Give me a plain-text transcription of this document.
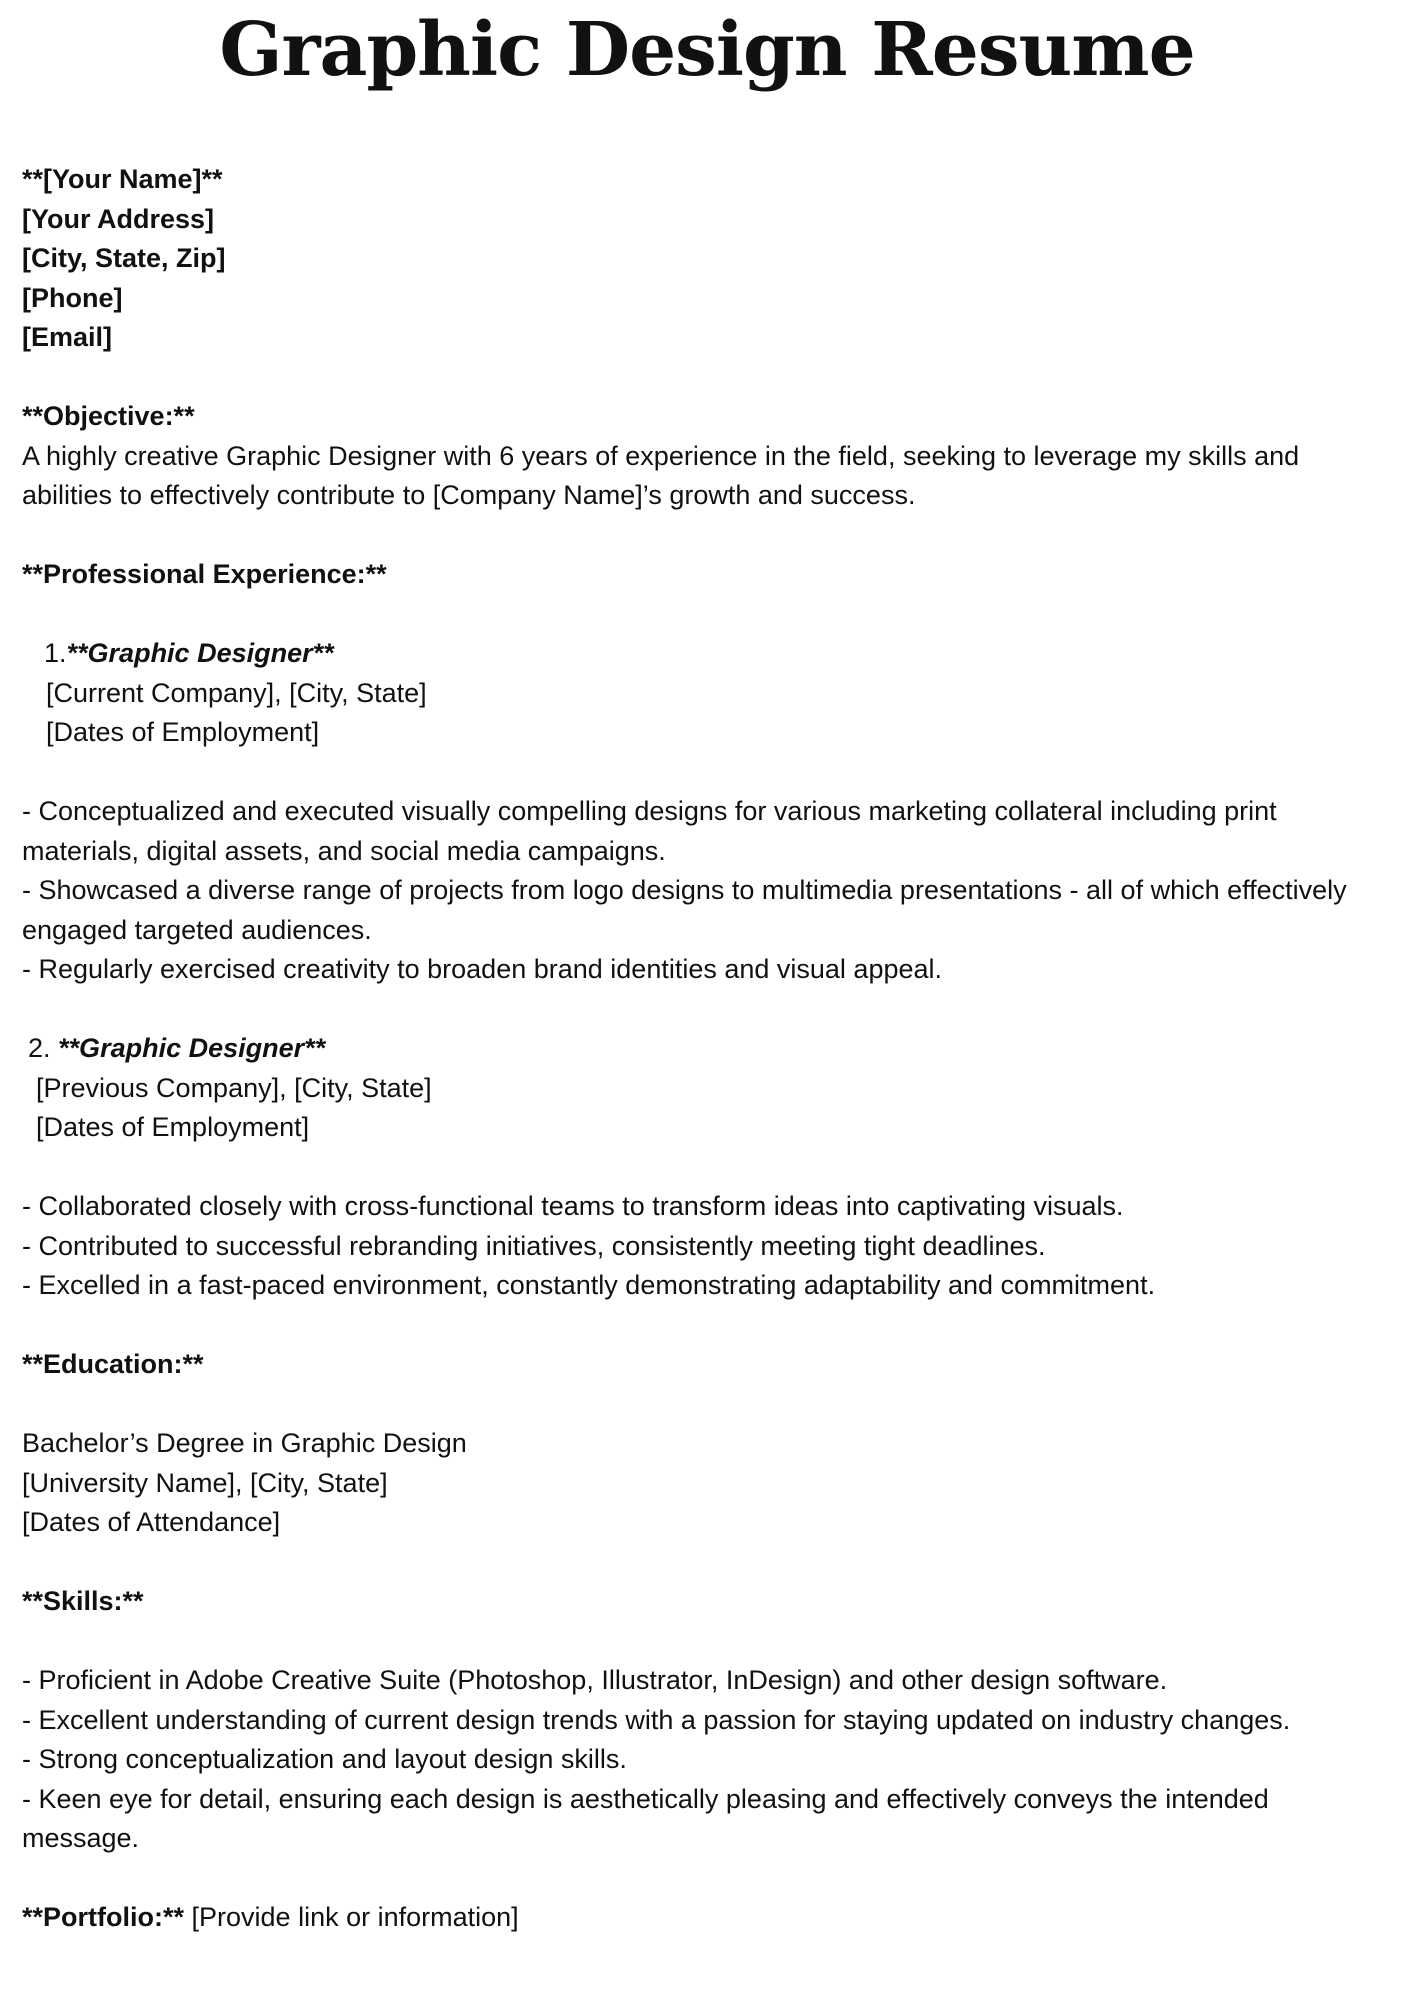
Graphic Design Resume
**[Your Name]**
[Your Address]
[City, State, Zip]
[Phone]
[Email]
**Objective:**
A highly creative Graphic Designer with 6 years of experience in the field, seeking to leverage my skills and abilities to effectively contribute to [Company Name]’s growth and success.
**Professional Experience:**
1.**Graphic Designer**
[Current Company], [City, State]
[Dates of Employment]
- Conceptualized and executed visually compelling designs for various marketing collateral including print materials, digital assets, and social media campaigns.
- Showcased a diverse range of projects from logo designs to multimedia presentations - all of which effectively engaged targeted audiences.
- Regularly exercised creativity to broaden brand identities and visual appeal.
2. **Graphic Designer**
[Previous Company], [City, State]
[Dates of Employment]
- Collaborated closely with cross-functional teams to transform ideas into captivating visuals.
- Contributed to successful rebranding initiatives, consistently meeting tight deadlines.
- Excelled in a fast-paced environment, constantly demonstrating adaptability and commitment.
**Education:**
Bachelor’s Degree in Graphic Design
[University Name], [City, State]
[Dates of Attendance]
**Skills:**
- Proficient in Adobe Creative Suite (Photoshop, Illustrator, InDesign) and other design software.
- Excellent understanding of current design trends with a passion for staying updated on industry changes.
- Strong conceptualization and layout design skills.
- Keen eye for detail, ensuring each design is aesthetically pleasing and effectively conveys the intended message.
**Portfolio:** [Provide link or information]
